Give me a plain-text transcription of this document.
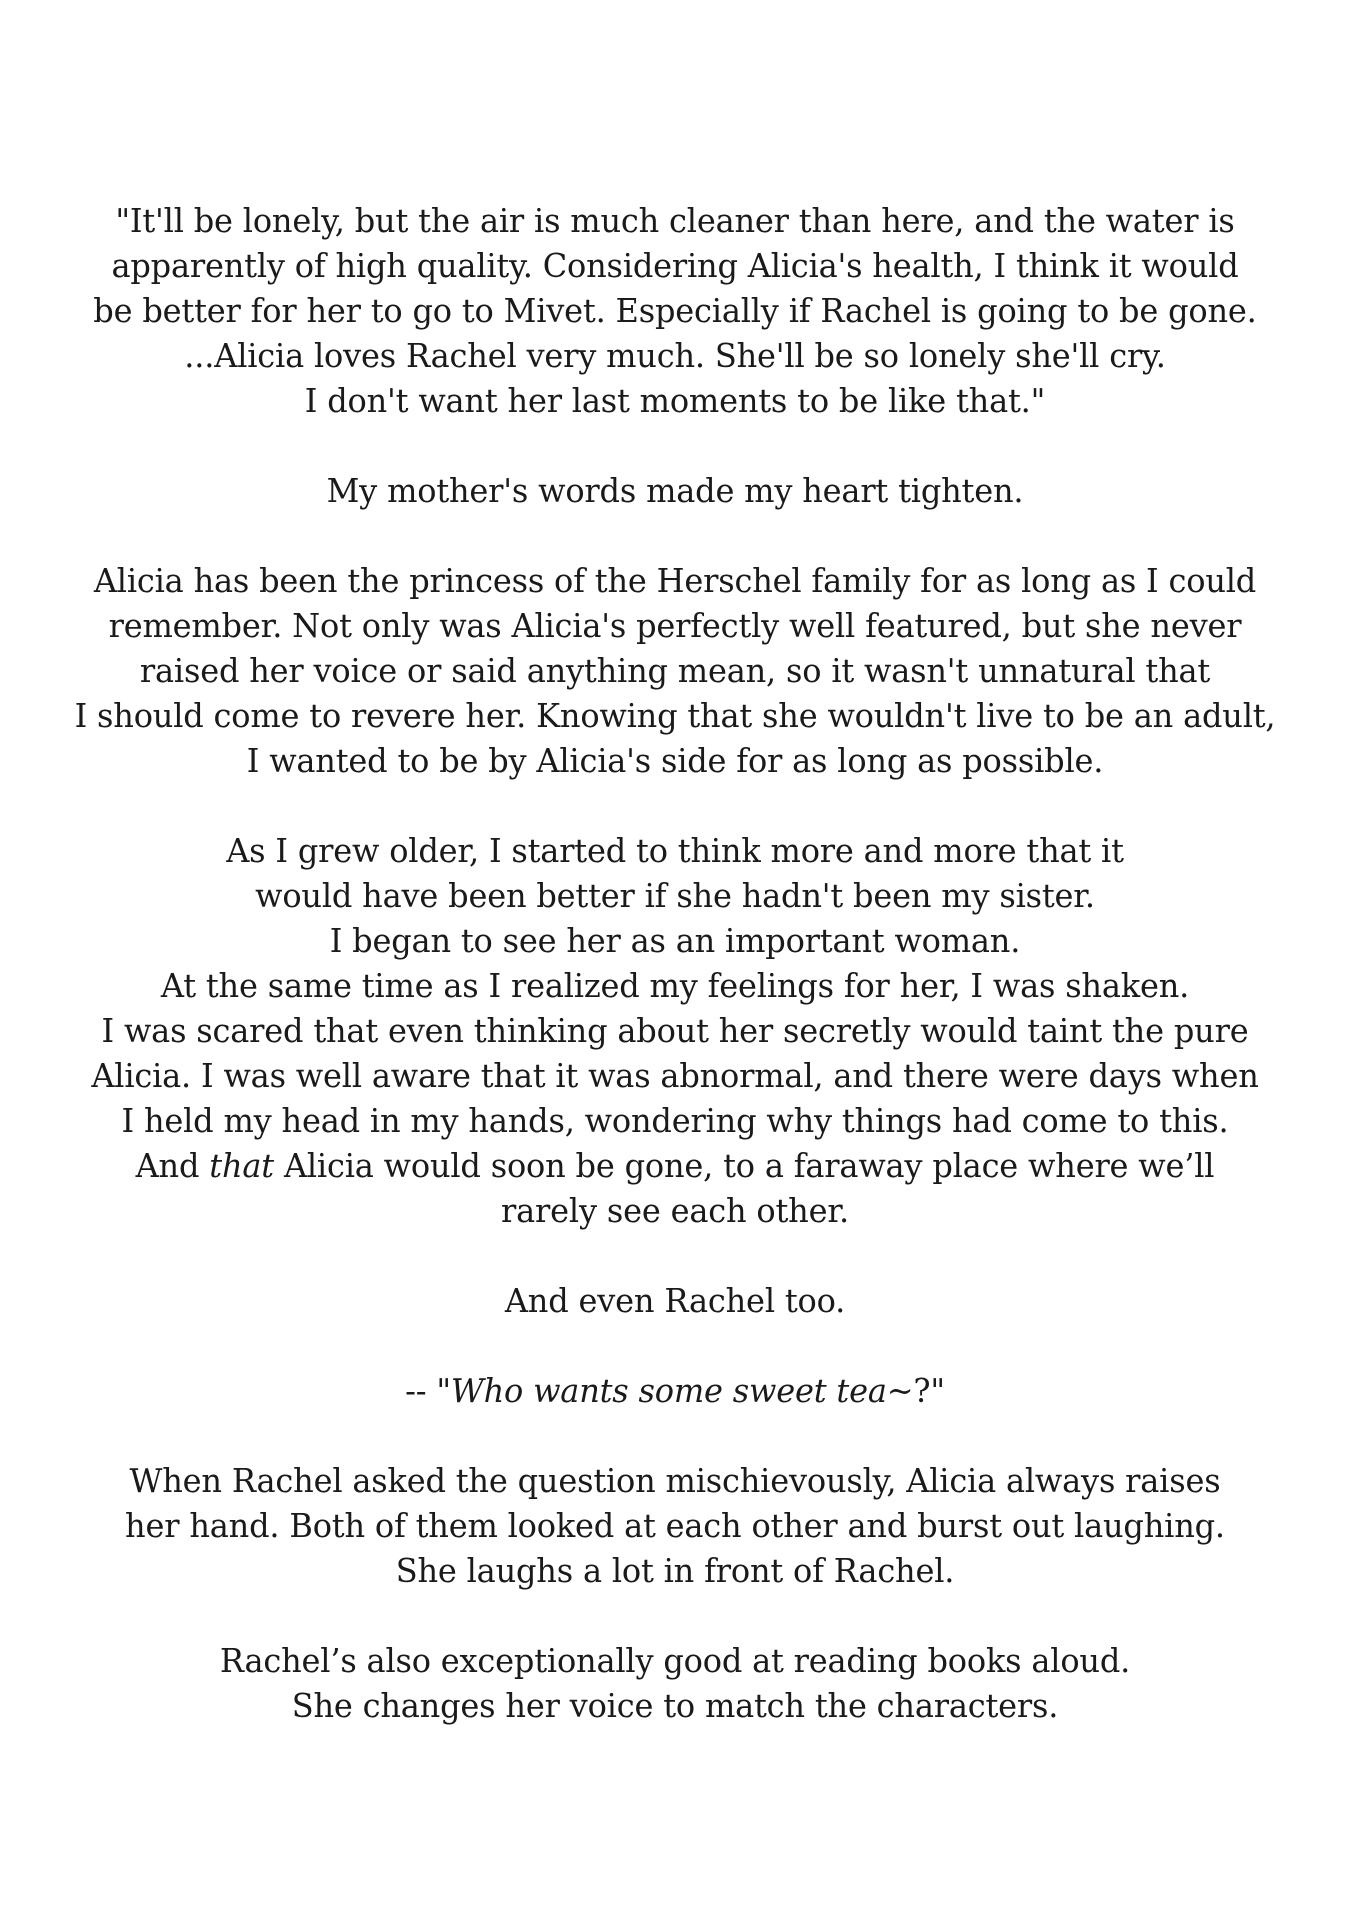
"It'll be lonely, but the air is much cleaner than here, and the water is
apparently of high quality. Considering Alicia's health, I think it would
be better for her to go to Mivet. Especially if Rachel is going to be gone.
...Alicia loves Rachel very much. She'll be so lonely she'll cry.
I don't want her last moments to be like that."

My mother's words made my heart tighten.

Alicia has been the princess of the Herschel family for as long as I could
remember. Not only was Alicia's perfectly well featured, but she never
raised her voice or said anything mean, so it wasn't unnatural that
I should come to revere her. Knowing that she wouldn't live to be an adult,
I wanted to be by Alicia's side for as long as possible.

As I grew older, I started to think more and more that it
would have been better if she hadn't been my sister.
I began to see her as an important woman.
At the same time as I realized my feelings for her, I was shaken.
I was scared that even thinking about her secretly would taint the pure
Alicia. I was well aware that it was abnormal, and there were days when
I held my head in my hands, wondering why things had come to this.
And that Alicia would soon be gone, to a faraway place where we’ll
rarely see each other.

And even Rachel too.

-- "Who wants some sweet tea~?"

When Rachel asked the question mischievously, Alicia always raises
her hand. Both of them looked at each other and burst out laughing.
She laughs a lot in front of Rachel.

Rachel’s also exceptionally good at reading books aloud.
She changes her voice to match the characters.
